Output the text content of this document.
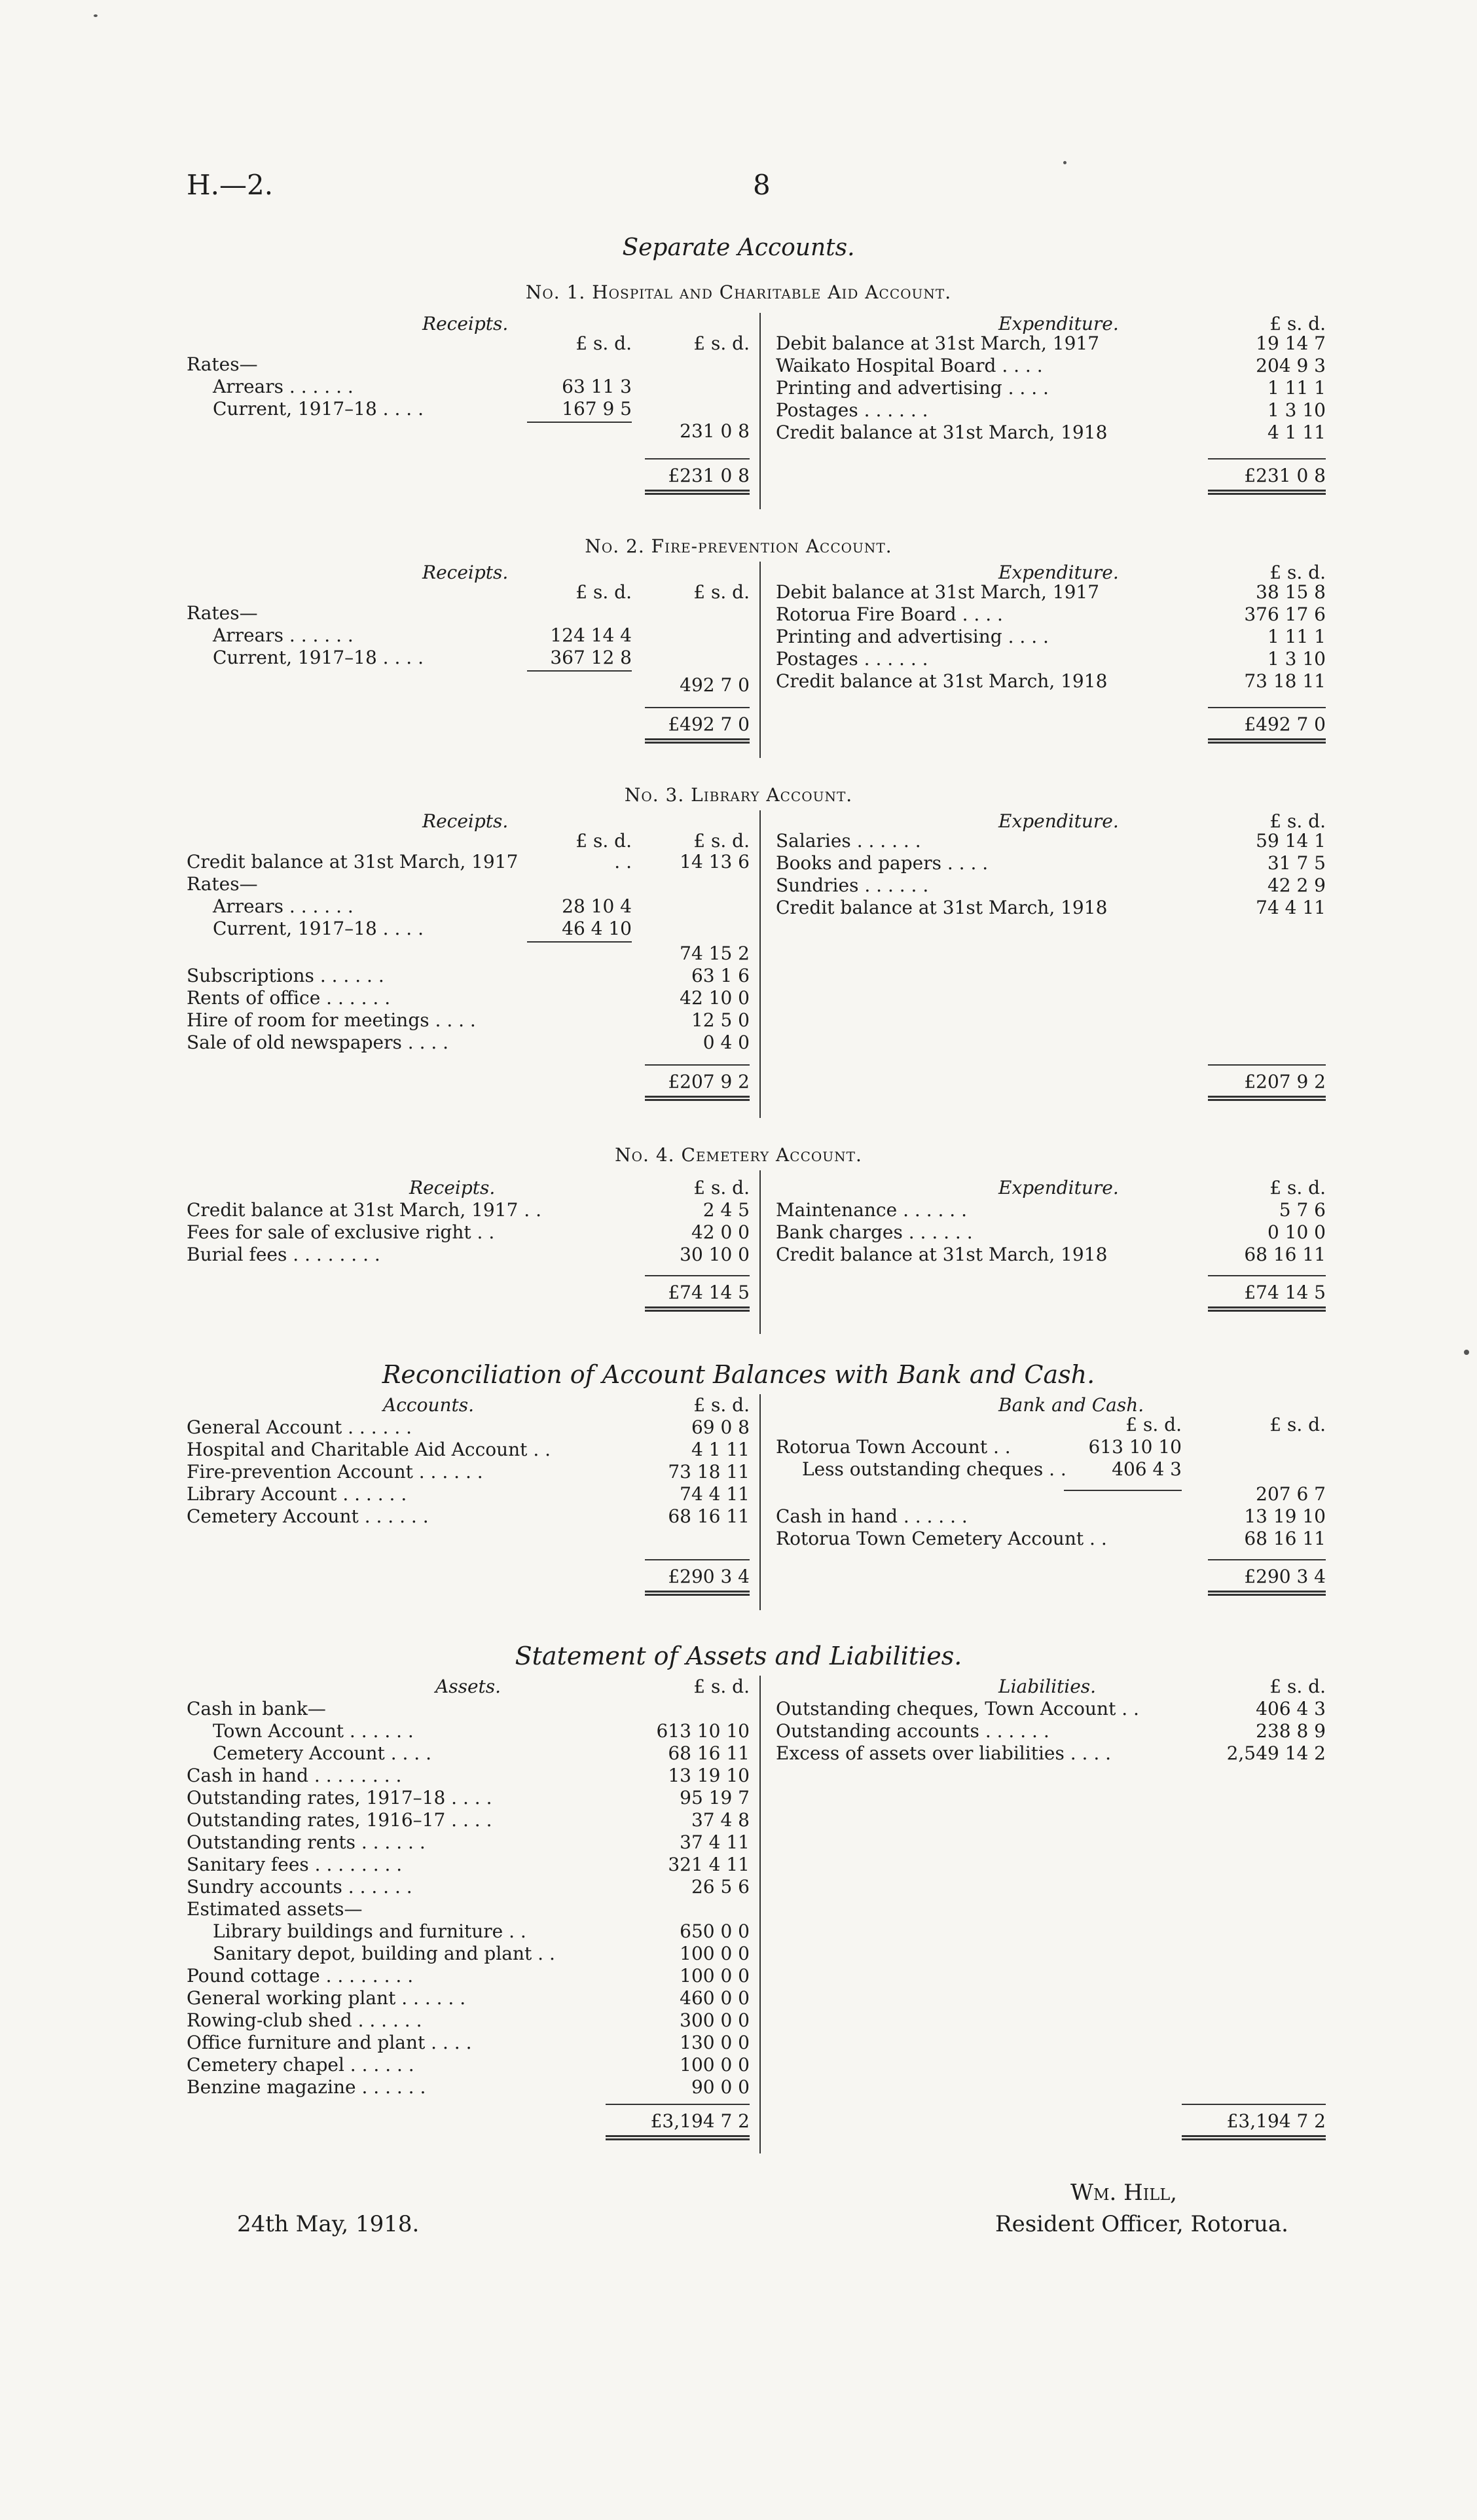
H.—2.	8
Separate Accounts.
No. 1. Hospital and Charitable Aid Account.
Receipts.
£ s. d.	£ s. d.
Rates—
Arrears . . . . . .	63 11 3
Current, 1917–18 . . . .	167 9 5
231 0 8
£231 0 8
Expenditure.	£ s. d.
Debit balance at 31st March, 1917	19 14 7
Waikato Hospital Board . . . .	204 9 3
Printing and advertising . . . .	1 11 1
Postages . . . . . .	1 3 10
Credit balance at 31st March, 1918	4 1 11
£231 0 8
No. 2. Fire-prevention Account.
Receipts.
£ s. d.	£ s. d.
Rates—
Arrears . . . . . .	124 14 4
Current, 1917–18 . . . .	367 12 8
492 7 0
£492 7 0
Expenditure.	£ s. d.
Debit balance at 31st March, 1917	38 15 8
Rotorua Fire Board . . . .	376 17 6
Printing and advertising . . . .	1 11 1
Postages . . . . . .	1 3 10
Credit balance at 31st March, 1918	73 18 11
£492 7 0
No. 3. Library Account.
Receipts.
£ s. d.	£ s. d.
Credit balance at 31st March, 1917	. .	14 13 6
Rates—
Arrears . . . . . .	28 10 4
Current, 1917–18 . . . .	46 4 10
74 15 2
Subscriptions . . . . . .	63 1 6
Rents of office . . . . . .	42 10 0
Hire of room for meetings . . . .	12 5 0
Sale of old newspapers . . . .	0 4 0
£207 9 2
Expenditure.	£ s. d.
Salaries . . . . . .	59 14 1
Books and papers . . . .	31 7 5
Sundries . . . . . .	42 2 9
Credit balance at 31st March, 1918	74 4 11
£207 9 2
No. 4. Cemetery Account.
Receipts.	£ s. d.
Credit balance at 31st March, 1917 . .	2 4 5
Fees for sale of exclusive right . .	42 0 0
Burial fees . . . . . . . .	30 10 0
£74 14 5
Expenditure.	£ s. d.
Maintenance . . . . . .	5 7 6
Bank charges . . . . . .	0 10 0
Credit balance at 31st March, 1918	68 16 11
£74 14 5
Reconciliation of Account Balances with Bank and Cash.
Accounts.	£ s. d.
General Account . . . . . .	69 0 8
Hospital and Charitable Aid Account . .	4 1 11
Fire-prevention Account . . . . . .	73 18 11
Library Account . . . . . .	74 4 11
Cemetery Account . . . . . .	68 16 11
£290 3 4
Bank and Cash.
£ s. d.	£ s. d.
Rotorua Town Account . .	613 10 10
Less outstanding cheques . .	406 4 3
207 6 7
Cash in hand . . . . . .	13 19 10
Rotorua Town Cemetery Account . .	68 16 11
£290 3 4
Statement of Assets and Liabilities.
Assets.	£ s. d.
Cash in bank—
Town Account . . . . . .	613 10 10
Cemetery Account . . . .	68 16 11
Cash in hand . . . . . . . .	13 19 10
Outstanding rates, 1917–18 . . . .	95 19 7
Outstanding rates, 1916–17 . . . .	37 4 8
Outstanding rents . . . . . .	37 4 11
Sanitary fees . . . . . . . .	321 4 11
Sundry accounts . . . . . .	26 5 6
Estimated assets—
Library buildings and furniture . .	650 0 0
Sanitary depot, building and plant . .	100 0 0
Pound cottage . . . . . . . .	100 0 0
General working plant . . . . . .	460 0 0
Rowing-club shed . . . . . .	300 0 0
Office furniture and plant . . . .	130 0 0
Cemetery chapel . . . . . .	100 0 0
Benzine magazine . . . . . .	90 0 0
£3,194 7 2
Liabilities.	£ s. d.
Outstanding cheques, Town Account . .	406 4 3
Outstanding accounts . . . . . .	238 8 9
Excess of assets over liabilities . . . .	2,549 14 2
£3,194 7 2
24th May, 1918.
Wm. Hill,
Resident Officer, Rotorua.
